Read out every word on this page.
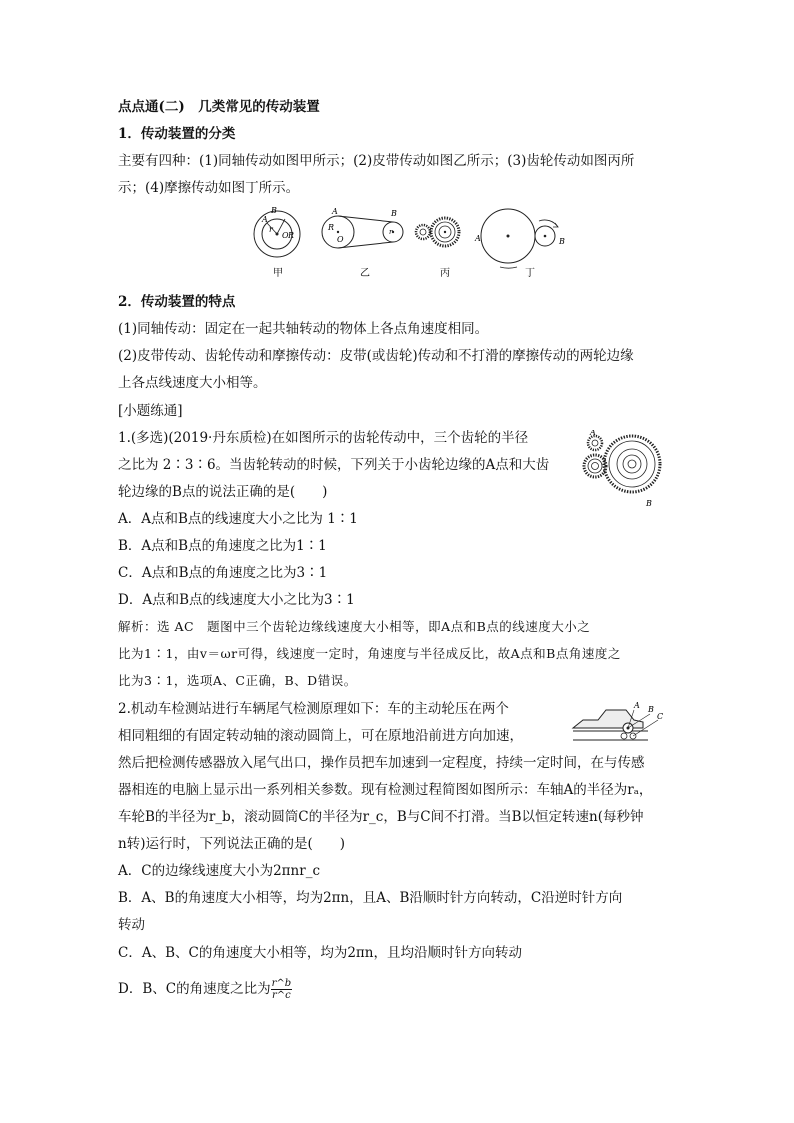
点点通(二)　几类常见的传动装置
1．传动装置的分类
主要有四种：(1)同轴传动如图甲所示；(2)皮带传动如图乙所示；(3)齿轮传动如图丙所
示；(4)摩擦传动如图丁所示。
B
A
r
O R
A	B
R
O
r
A	B
甲	乙	丙	丁
2．传动装置的特点
(1)同轴传动：固定在一起共轴转动的物体上各点角速度相同。
(2)皮带传动、齿轮传动和摩擦传动：皮带(或齿轮)传动和不打滑的摩擦传动的两轮边缘
上各点线速度大小相等。
[小题练通]
1.(多选)(2019·丹东质检)在如图所示的齿轮传动中，三个齿轮的半径
之比为 2∶3∶6。当齿轮转动的时候，下列关于小齿轮边缘的A点和大齿
轮边缘的B点的说法正确的是(　　)
A
B
A．A点和B点的线速度大小之比为 1∶1
B．A点和B点的角速度之比为1∶1
C．A点和B点的角速度之比为3∶1
D．A点和B点的线速度大小之比为3∶1
解析：选 AC　题图中三个齿轮边缘线速度大小相等，即A点和B点的线速度大小之
比为1∶1，由v＝ωr可得，线速度一定时，角速度与半径成反比，故A点和B点角速度之
比为3∶1，选项A、C正确，B、D错误。
2.机动车检测站进行车辆尾气检测原理如下：车的主动轮压在两个
相同粗细的有固定转动轴的滚动圆筒上，可在原地沿前进方向加速，
A B
C
然后把检测传感器放入尾气出口，操作员把车加速到一定程度，持续一定时间，在与传感
器相连的电脑上显示出一系列相关参数。现有检测过程简图如图所示：车轴A的半径为rₐ，
车轮B的半径为r_b，滚动圆筒C的半径为r_c，B与C间不打滑。当B以恒定转速n(每秒钟
n转)运行时，下列说法正确的是(　　)
A．C的边缘线速度大小为2πnr_c
B．A、B的角速度大小相等，均为2πn，且A、B沿顺时针方向转动，C沿逆时针方向
转动
C．A、B、C的角速度大小相等，均为2πn，且均沿顺时针方向转动
D．B、C的角速度之比为 $\frac{r\^{}b}{r\^{}c}$
